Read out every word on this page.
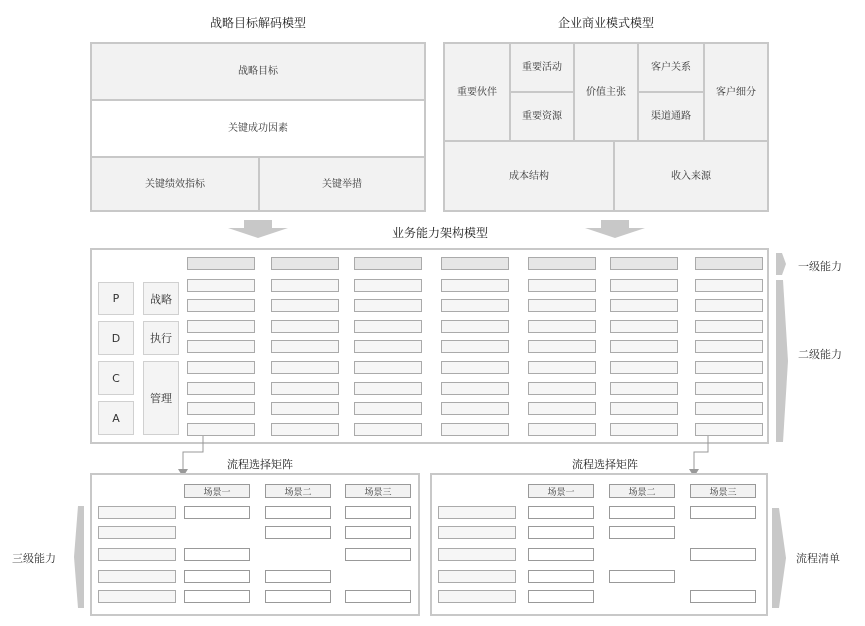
战略目标解码模型
战略目标
关键成功因素
关键绩效指标	关键举措
企业商业模式模型
重要伙伴
重要活动
重要资源
价值主张
客户关系
渠道通路
客户细分
成本结构	收入来源
业务能力架构模型
P
D
C
A
战略
执行
管理
一级能力
二级能力
流程选择矩阵	流程选择矩阵
场景一	场景二	场景三	场景一	场景二	场景三
三级能力	流程清单
